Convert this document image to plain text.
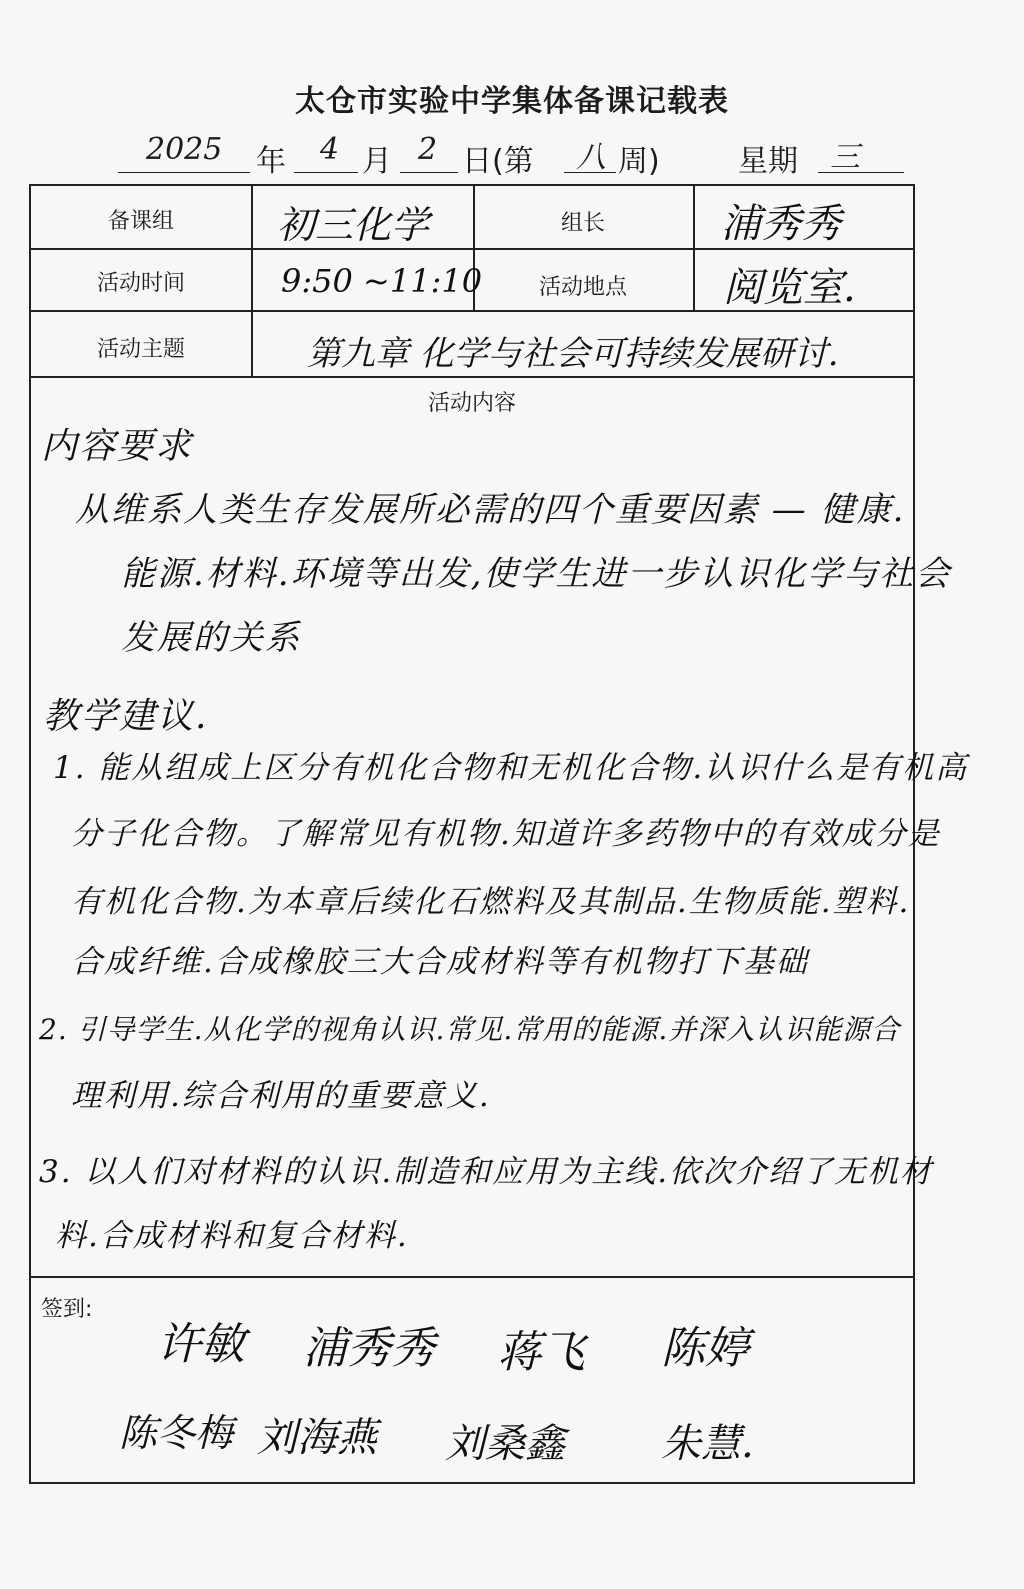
太仓市实验中学集体备课记载表
2025 年 4 月 2 日(第 八 周)	星期 三
备课组	初三化学	组长	浦秀秀
活动时间	9:50 ~11:10	活动地点	阅览室.
活动主题	第九章 化学与社会可持续发展研讨.
活动内容
内容要求
从维系人类生存发展所必需的四个重要因素 — 健康.
能源.材料.环境等出发,使学生进一步认识化学与社会
发展的关系
教学建议.
1. 能从组成上区分有机化合物和无机化合物.认识什么是有机高
分子化合物。了解常见有机物.知道许多药物中的有效成分是
有机化合物.为本章后续化石燃料及其制品.生物质能.塑料.
合成纤维.合成橡胶三大合成材料等有机物打下基础
2. 引导学生.从化学的视角认识.常见.常用的能源.并深入认识能源合
理利用.综合利用的重要意义.
3. 以人们对材料的认识.制造和应用为主线.依次介绍了无机材
料.合成材料和复合材料.
签到:
许敏 浦秀秀 蒋飞 陈婷
陈冬梅 刘海燕 刘桑鑫 朱慧.
